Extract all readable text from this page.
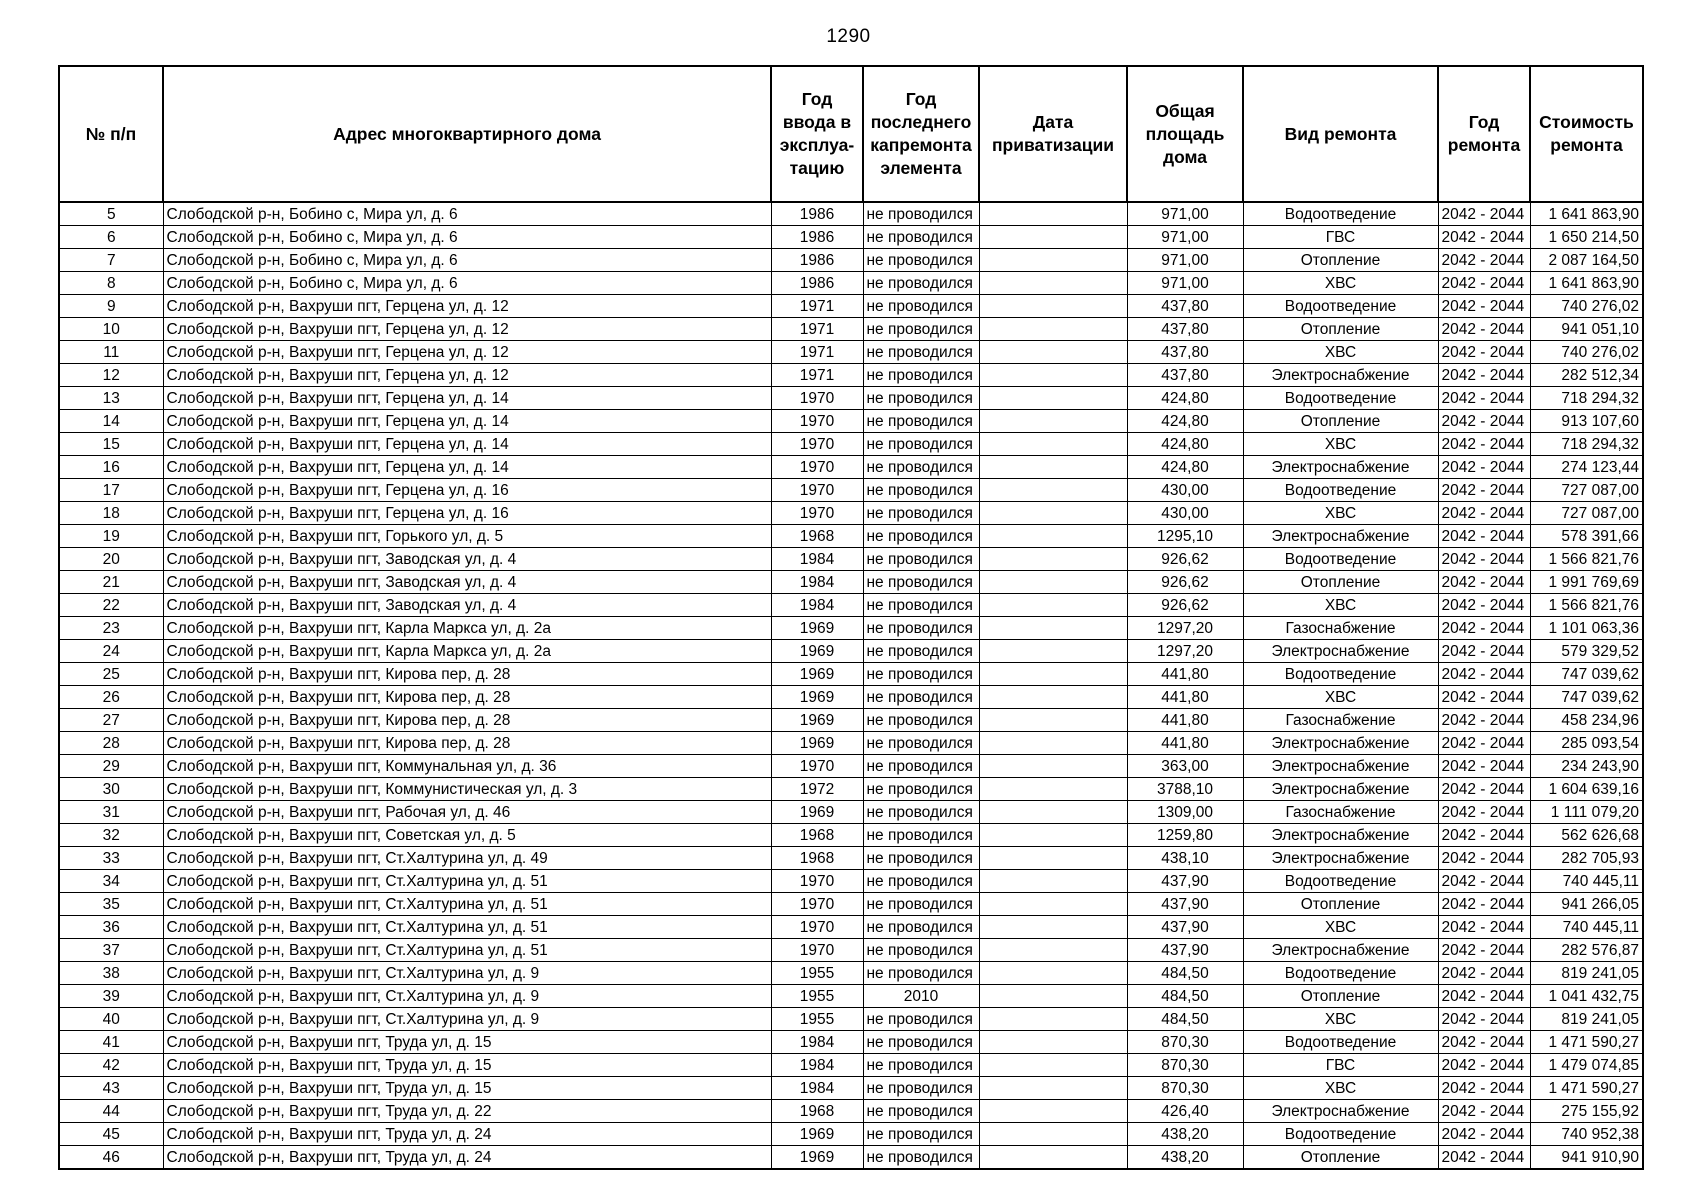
1290
№ п/п	Адрес многоквартирного дома	Год ввода в эксплуа- тацию	Год последнего капремонта элемента	Дата приватизации	Общая площадь дома	Вид ремонта	Год ремонта	Стоимость ремонта
5	Слободской р-н, Бобино с, Мира ул, д. 6	1986	не проводился		971,00	Водоотведение	2042 - 2044	1 641 863,90
6	Слободской р-н, Бобино с, Мира ул, д. 6	1986	не проводился		971,00	ГВС	2042 - 2044	1 650 214,50
7	Слободской р-н, Бобино с, Мира ул, д. 6	1986	не проводился		971,00	Отопление	2042 - 2044	2 087 164,50
8	Слободской р-н, Бобино с, Мира ул, д. 6	1986	не проводился		971,00	ХВС	2042 - 2044	1 641 863,90
9	Слободской р-н, Вахруши пгт, Герцена ул, д. 12	1971	не проводился		437,80	Водоотведение	2042 - 2044	740 276,02
10	Слободской р-н, Вахруши пгт, Герцена ул, д. 12	1971	не проводился		437,80	Отопление	2042 - 2044	941 051,10
11	Слободской р-н, Вахруши пгт, Герцена ул, д. 12	1971	не проводился		437,80	ХВС	2042 - 2044	740 276,02
12	Слободской р-н, Вахруши пгт, Герцена ул, д. 12	1971	не проводился		437,80	Электроснабжение	2042 - 2044	282 512,34
13	Слободской р-н, Вахруши пгт, Герцена ул, д. 14	1970	не проводился		424,80	Водоотведение	2042 - 2044	718 294,32
14	Слободской р-н, Вахруши пгт, Герцена ул, д. 14	1970	не проводился		424,80	Отопление	2042 - 2044	913 107,60
15	Слободской р-н, Вахруши пгт, Герцена ул, д. 14	1970	не проводился		424,80	ХВС	2042 - 2044	718 294,32
16	Слободской р-н, Вахруши пгт, Герцена ул, д. 14	1970	не проводился		424,80	Электроснабжение	2042 - 2044	274 123,44
17	Слободской р-н, Вахруши пгт, Герцена ул, д. 16	1970	не проводился		430,00	Водоотведение	2042 - 2044	727 087,00
18	Слободской р-н, Вахруши пгт, Герцена ул, д. 16	1970	не проводился		430,00	ХВС	2042 - 2044	727 087,00
19	Слободской р-н, Вахруши пгт, Горького ул, д. 5	1968	не проводился		1295,10	Электроснабжение	2042 - 2044	578 391,66
20	Слободской р-н, Вахруши пгт, Заводская ул, д. 4	1984	не проводился		926,62	Водоотведение	2042 - 2044	1 566 821,76
21	Слободской р-н, Вахруши пгт, Заводская ул, д. 4	1984	не проводился		926,62	Отопление	2042 - 2044	1 991 769,69
22	Слободской р-н, Вахруши пгт, Заводская ул, д. 4	1984	не проводился		926,62	ХВС	2042 - 2044	1 566 821,76
23	Слободской р-н, Вахруши пгт, Карла Маркса ул, д. 2а	1969	не проводился		1297,20	Газоснабжение	2042 - 2044	1 101 063,36
24	Слободской р-н, Вахруши пгт, Карла Маркса ул, д. 2а	1969	не проводился		1297,20	Электроснабжение	2042 - 2044	579 329,52
25	Слободской р-н, Вахруши пгт, Кирова пер, д. 28	1969	не проводился		441,80	Водоотведение	2042 - 2044	747 039,62
26	Слободской р-н, Вахруши пгт, Кирова пер, д. 28	1969	не проводился		441,80	ХВС	2042 - 2044	747 039,62
27	Слободской р-н, Вахруши пгт, Кирова пер, д. 28	1969	не проводился		441,80	Газоснабжение	2042 - 2044	458 234,96
28	Слободской р-н, Вахруши пгт, Кирова пер, д. 28	1969	не проводился		441,80	Электроснабжение	2042 - 2044	285 093,54
29	Слободской р-н, Вахруши пгт, Коммунальная ул, д. 36	1970	не проводился		363,00	Электроснабжение	2042 - 2044	234 243,90
30	Слободской р-н, Вахруши пгт, Коммунистическая ул, д. 3	1972	не проводился		3788,10	Электроснабжение	2042 - 2044	1 604 639,16
31	Слободской р-н, Вахруши пгт, Рабочая ул, д. 46	1969	не проводился		1309,00	Газоснабжение	2042 - 2044	1 111 079,20
32	Слободской р-н, Вахруши пгт, Советская ул, д. 5	1968	не проводился		1259,80	Электроснабжение	2042 - 2044	562 626,68
33	Слободской р-н, Вахруши пгт, Ст.Халтурина ул, д. 49	1968	не проводился		438,10	Электроснабжение	2042 - 2044	282 705,93
34	Слободской р-н, Вахруши пгт, Ст.Халтурина ул, д. 51	1970	не проводился		437,90	Водоотведение	2042 - 2044	740 445,11
35	Слободской р-н, Вахруши пгт, Ст.Халтурина ул, д. 51	1970	не проводился		437,90	Отопление	2042 - 2044	941 266,05
36	Слободской р-н, Вахруши пгт, Ст.Халтурина ул, д. 51	1970	не проводился		437,90	ХВС	2042 - 2044	740 445,11
37	Слободской р-н, Вахруши пгт, Ст.Халтурина ул, д. 51	1970	не проводился		437,90	Электроснабжение	2042 - 2044	282 576,87
38	Слободской р-н, Вахруши пгт, Ст.Халтурина ул, д. 9	1955	не проводился		484,50	Водоотведение	2042 - 2044	819 241,05
39	Слободской р-н, Вахруши пгт, Ст.Халтурина ул, д. 9	1955	2010		484,50	Отопление	2042 - 2044	1 041 432,75
40	Слободской р-н, Вахруши пгт, Ст.Халтурина ул, д. 9	1955	не проводился		484,50	ХВС	2042 - 2044	819 241,05
41	Слободской р-н, Вахруши пгт, Труда ул, д. 15	1984	не проводился		870,30	Водоотведение	2042 - 2044	1 471 590,27
42	Слободской р-н, Вахруши пгт, Труда ул, д. 15	1984	не проводился		870,30	ГВС	2042 - 2044	1 479 074,85
43	Слободской р-н, Вахруши пгт, Труда ул, д. 15	1984	не проводился		870,30	ХВС	2042 - 2044	1 471 590,27
44	Слободской р-н, Вахруши пгт, Труда ул, д. 22	1968	не проводился		426,40	Электроснабжение	2042 - 2044	275 155,92
45	Слободской р-н, Вахруши пгт, Труда ул, д. 24	1969	не проводился		438,20	Водоотведение	2042 - 2044	740 952,38
46	Слободской р-н, Вахруши пгт, Труда ул, д. 24	1969	не проводился		438,20	Отопление	2042 - 2044	941 910,90
